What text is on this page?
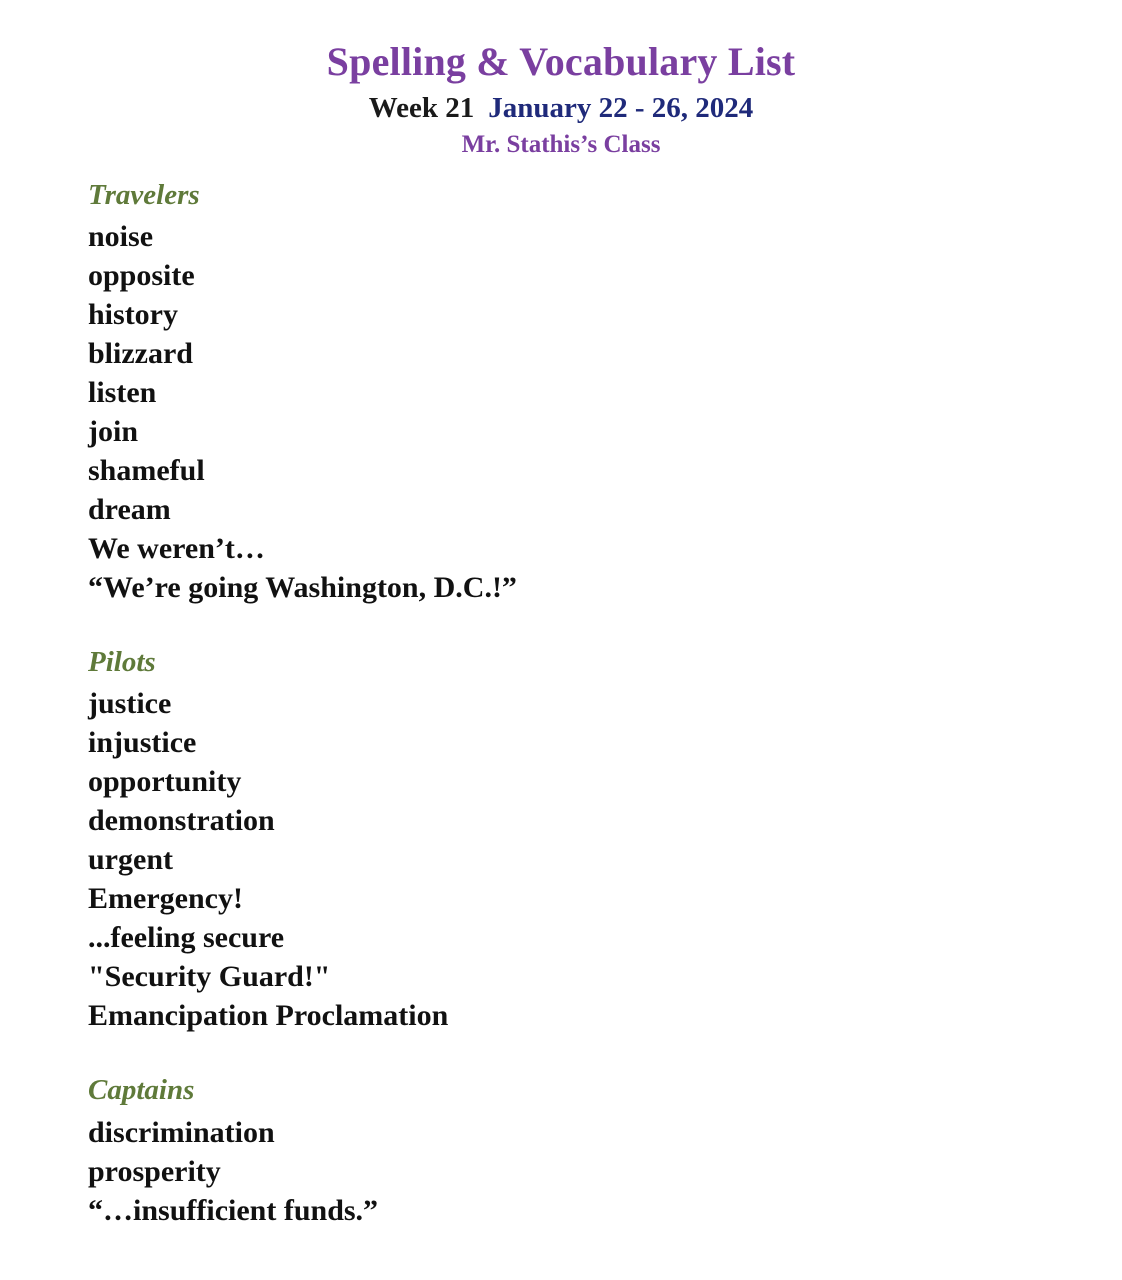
Spelling & Vocabulary List
Week 21 January 22 - 26, 2024
Mr. Stathis’s Class
Travelers
noise
opposite
history
blizzard
listen
join
shameful
dream
We weren’t…
“We’re going Washington, D.C.!”
Pilots
justice
injustice
opportunity
demonstration
urgent
Emergency!
...feeling secure
"Security Guard!"
Emancipation Proclamation
Captains
discrimination
prosperity
“…insufficient funds.”
